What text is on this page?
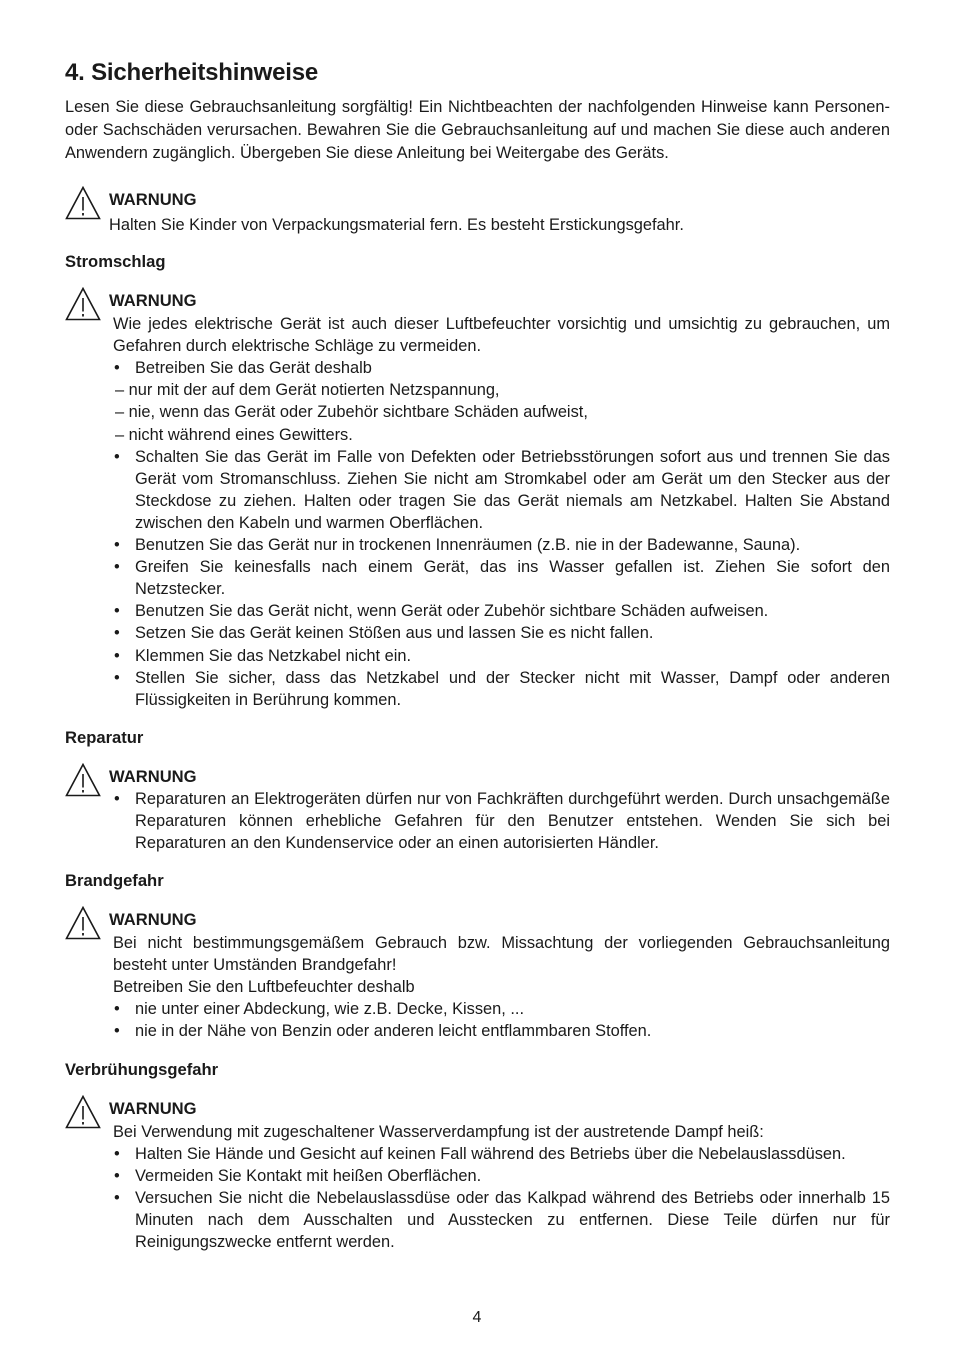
4. Sicherheitshinweise

Lesen Sie diese Gebrauchsanleitung sorgfältig! Ein Nichtbeachten der nachfolgenden Hinweise kann Personen- oder Sachschäden verursachen. Bewahren Sie die Gebrauchsanleitung auf und machen Sie diese auch anderen Anwendern zugänglich. Übergeben Sie diese Anleitung bei Weitergabe des Geräts.

WARNUNG

Halten Sie Kinder von Verpackungsmaterial fern. Es besteht Erstickungsgefahr.

Stromschlag

WARNUNG

Wie jedes elektrische Gerät ist auch dieser Luftbefeuchter vorsichtig und umsichtig zu gebrauchen, um Gefahren durch elektrische Schläge zu vermeiden.

• Betreiben Sie das Gerät deshalb
– nur mit der auf dem Gerät notierten Netzspannung,
– nie, wenn das Gerät oder Zubehör sichtbare Schäden aufweist,
– nicht während eines Gewitters.
• Schalten Sie das Gerät im Falle von Defekten oder Betriebsstörungen sofort aus und trennen Sie das Gerät vom Stromanschluss. Ziehen Sie nicht am Stromkabel oder am Gerät um den Stecker aus der Steckdose zu ziehen. Halten oder tragen Sie das Gerät niemals am Netzkabel. Halten Sie Abstand zwischen den Kabeln und warmen Oberflächen.
• Benutzen Sie das Gerät nur in trockenen Innenräumen (z.B. nie in der Badewanne, Sauna).
• Greifen Sie keinesfalls nach einem Gerät, das ins Wasser gefallen ist. Ziehen Sie sofort den Netzstecker.
• Benutzen Sie das Gerät nicht, wenn Gerät oder Zubehör sichtbare Schäden aufweisen.
• Setzen Sie das Gerät keinen Stößen aus und lassen Sie es nicht fallen.
• Klemmen Sie das Netzkabel nicht ein.
• Stellen Sie sicher, dass das Netzkabel und der Stecker nicht mit Wasser, Dampf oder anderen Flüssigkeiten in Berührung kommen.

Reparatur

WARNUNG
• Reparaturen an Elektrogeräten dürfen nur von Fachkräften durchgeführt werden. Durch unsachgemäße Reparaturen können erhebliche Gefahren für den Benutzer entstehen. Wenden Sie sich bei Reparaturen an den Kundenservice oder an einen autorisierten Händler.

Brandgefahr

WARNUNG

Bei nicht bestimmungsgemäßem Gebrauch bzw. Missachtung der vorliegenden Gebrauchsanleitung besteht unter Umständen Brandgefahr!

Betreiben Sie den Luftbefeuchter deshalb

• nie unter einer Abdeckung, wie z.B. Decke, Kissen, ...
• nie in der Nähe von Benzin oder anderen leicht entflammbaren Stoffen.

Verbrühungsgefahr

WARNUNG

Bei Verwendung mit zugeschaltener Wasserverdampfung ist der austretende Dampf heiß:

• Halten Sie Hände und Gesicht auf keinen Fall während des Betriebs über die Nebelauslassdüsen.
• Vermeiden Sie Kontakt mit heißen Oberflächen.
• Versuchen Sie nicht die Nebelauslassdüse oder das Kalkpad während des Betriebs oder innerhalb 15 Minuten nach dem Ausschalten und Ausstecken zu entfernen. Diese Teile dürfen nur für Reinigungszwecke entfernt werden.
4
